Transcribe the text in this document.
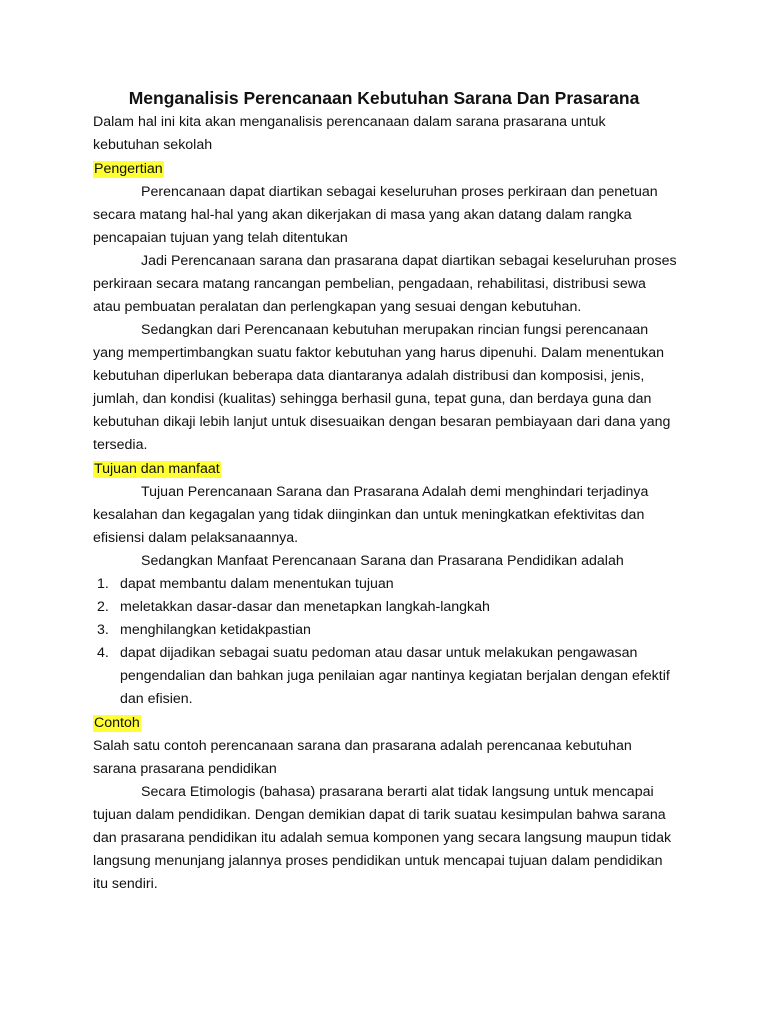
Menganalisis Perencanaan Kebutuhan Sarana Dan Prasarana
Dalam hal ini kita akan menganalisis perencanaan dalam sarana prasarana untuk
kebutuhan sekolah
Pengertian
Perencanaan dapat diartikan sebagai keseluruhan proses perkiraan dan penetuan
secara matang hal-hal yang akan dikerjakan di masa yang akan datang dalam rangka
pencapaian tujuan yang telah ditentukan
Jadi Perencanaan sarana dan prasarana dapat diartikan sebagai keseluruhan proses
perkiraan secara matang rancangan pembelian, pengadaan, rehabilitasi, distribusi sewa
atau pembuatan peralatan dan perlengkapan yang sesuai dengan kebutuhan.
Sedangkan dari Perencanaan kebutuhan merupakan rincian fungsi perencanaan
yang mempertimbangkan suatu faktor kebutuhan yang harus dipenuhi. Dalam menentukan
kebutuhan diperlukan beberapa data diantaranya adalah distribusi dan komposisi, jenis,
jumlah, dan kondisi (kualitas) sehingga berhasil guna, tepat guna, dan berdaya guna dan
kebutuhan dikaji lebih lanjut untuk disesuaikan dengan besaran pembiayaan dari dana yang
tersedia.
Tujuan dan manfaat
Tujuan Perencanaan Sarana dan Prasarana Adalah demi menghindari terjadinya
kesalahan dan kegagalan yang tidak diinginkan dan untuk meningkatkan efektivitas dan
efisiensi dalam pelaksanaannya.
Sedangkan Manfaat Perencanaan Sarana dan Prasarana Pendidikan adalah
1. dapat membantu dalam menentukan tujuan
2. meletakkan dasar-dasar dan menetapkan langkah-langkah
3. menghilangkan ketidakpastian
4. dapat dijadikan sebagai suatu pedoman atau dasar untuk melakukan pengawasan
pengendalian dan bahkan juga penilaian agar nantinya kegiatan berjalan dengan efektif
dan efisien.
Contoh
Salah satu contoh perencanaan sarana dan prasarana adalah perencanaa kebutuhan
sarana prasarana pendidikan
Secara Etimologis (bahasa) prasarana berarti alat tidak langsung untuk mencapai
tujuan dalam pendidikan. Dengan demikian dapat di tarik suatau kesimpulan bahwa sarana
dan prasarana pendidikan itu adalah semua komponen yang secara langsung maupun tidak
langsung menunjang jalannya proses pendidikan untuk mencapai tujuan dalam pendidikan
itu sendiri.
